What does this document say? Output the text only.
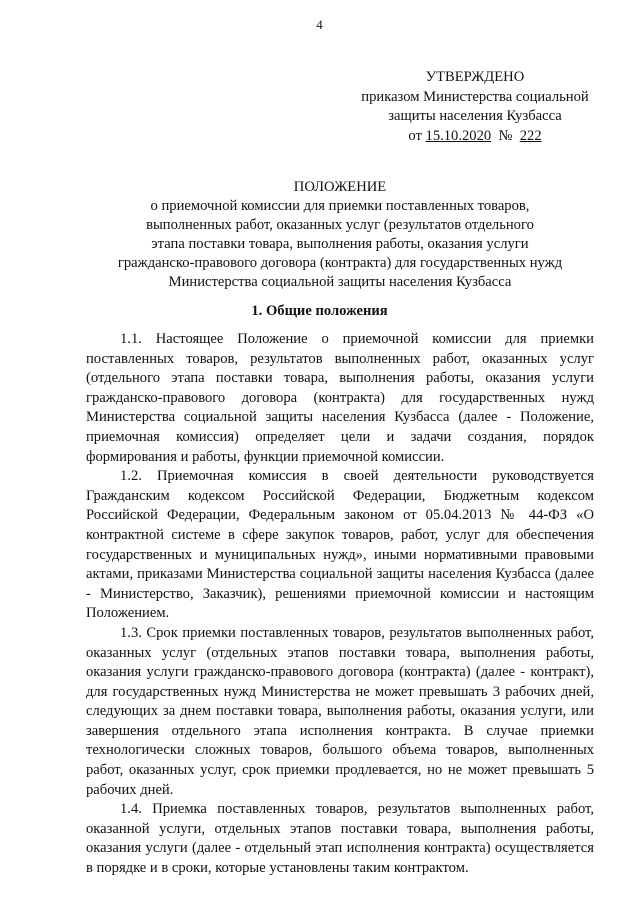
4
УТВЕРЖДЕНО
приказом Министерства социальной
защиты населения Кузбасса
от 15.10.2020 № 222
ПОЛОЖЕНИЕ
о приемочной комиссии для приемки поставленных товаров,
выполненных работ, оказанных услуг (результатов отдельного
этапа поставки товара, выполнения работы, оказания услуги
гражданско-правового договора (контракта) для государственных нужд
Министерства социальной защиты населения Кузбасса
1. Общие положения

1.1. Настоящее Положение о приемочной комиссии для приемки поставленных товаров, результатов выполненных работ, оказанных услуг (отдельного этапа поставки товара, выполнения работы, оказания услуги гражданско-правового договора (контракта) для государственных нужд Министерства социальной защиты населения Кузбасса (далее - Положение, приемочная комиссия) определяет цели и задачи создания, порядок формирования и работы, функции приемочной комиссии.

1.2. Приемочная комиссия в своей деятельности руководствуется Гражданским кодексом Российской Федерации, Бюджетным кодексом Российской Федерации, Федеральным законом от 05.04.2013 № 44-ФЗ «О контрактной системе в сфере закупок товаров, работ, услуг для обеспечения государственных и муниципальных нужд», иными нормативными правовыми актами, приказами Министерства социальной защиты населения Кузбасса (далее - Министерство, Заказчик), решениями приемочной комиссии и настоящим Положением.

1.3. Срок приемки поставленных товаров, результатов выполненных работ, оказанных услуг (отдельных этапов поставки товара, выполнения работы, оказания услуги гражданско-правового договора (контракта) (далее - контракт), для государственных нужд Министерства не может превышать 3 рабочих дней, следующих за днем поставки товара, выполнения работы, оказания услуги, или завершения отдельного этапа исполнения контракта. В случае приемки технологически сложных товаров, большого объема товаров, выполненных работ, оказанных услуг, срок приемки продлевается, но не может превышать 5 рабочих дней.

1.4. Приемка поставленных товаров, результатов выполненных работ, оказанной услуги, отдельных этапов поставки товара, выполнения работы, оказания услуги (далее - отдельный этап исполнения контракта) осуществляется в порядке и в сроки, которые установлены таким контрактом.
